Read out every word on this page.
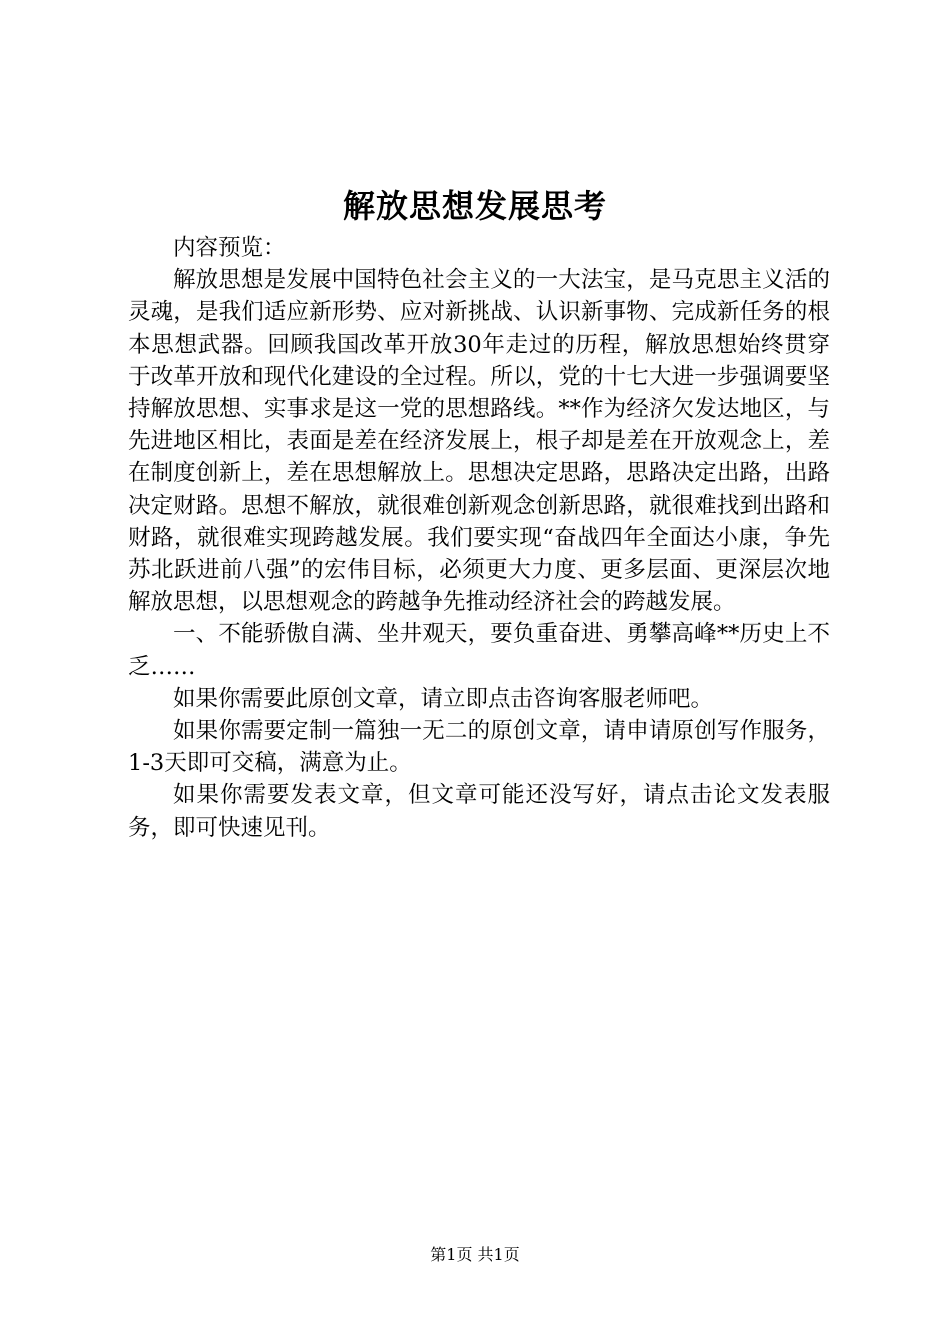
解放思想发展思考

内容预览：

解放思想是发展中国特色社会主义的一大法宝，是马克思主义活的灵魂，是我们适应新形势、应对新挑战、认识新事物、完成新任务的根本思想武器。回顾我国改革开放30年走过的历程，解放思想始终贯穿于改革开放和现代化建设的全过程。所以，党的十七大进一步强调要坚持解放思想、实事求是这一党的思想路线。**作为经济欠发达地区，与先进地区相比，表面是差在经济发展上，根子却是差在开放观念上，差在制度创新上，差在思想解放上。思想决定思路，思路决定出路，出路决定财路。思想不解放，就很难创新观念创新思路，就很难找到出路和财路，就很难实现跨越发展。我们要实现“奋战四年全面达小康，争先苏北跃进前八强”的宏伟目标，必须更大力度、更多层面、更深层次地解放思想，以思想观念的跨越争先推动经济社会的跨越发展。

一、不能骄傲自满、坐井观天，要负重奋进、勇攀高峰**历史上不乏……

如果你需要此原创文章，请立即点击咨询客服老师吧。

如果你需要定制一篇独一无二的原创文章，请申请原创写作服务，1-3天即可交稿，满意为止。

如果你需要发表文章，但文章可能还没写好，请点击论文发表服务，即可快速见刊。

第1页 共1页
